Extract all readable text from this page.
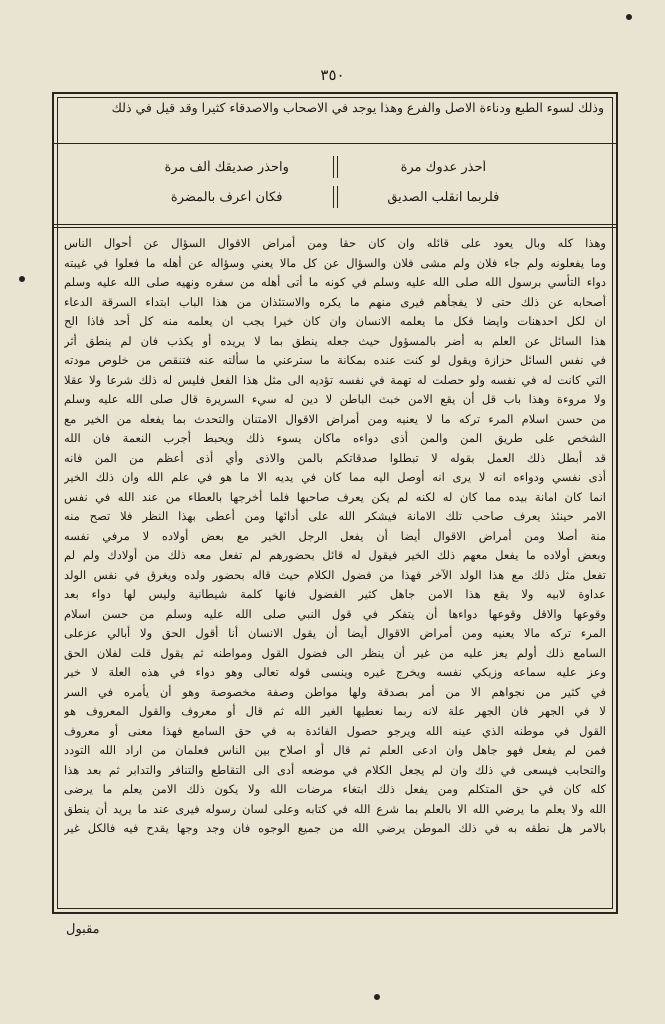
٣٥٠
وذلك لسوء الطبع ودناءة الاصل والفرع وهذا يوجد في الاصحاب والاصدقاء كثيرا وقد قيل في ذلك
أحذر عدوك مرة
واحذر صديقك ألف مرة
فلربما انقلب الصديق
فكان أعرف بالمضرة
وهذا كله وبال يعود على قائله وان كان حقا ومن أمراض الاقوال السؤال عن أحوال الناس
وما يفعلونه ولم جاء فلان ولم مشى فلان والسؤال عن كل مالا يعني وسؤاله عن أهله ما فعلوا في غيبته
دواء التأسي برسول الله صلى الله عليه وسلم في كونه ما أتى أهله من سفره ونهيه صلى الله عليه وسلم
أصحابه عن ذلك حتى لا يفجأهم فيرى منهم ما يكره والاستئذان من هذا الباب ابتداء السرقة الدعاء
ان لكل احدهنات وايضا فكل ما يعلمه الانسان وان كان خيرا يجب ان يعلمه منه كل أحد فاذا الح
هذا السائل عن العلم به أضر بالمسؤول حيث جعله ينطق بما لا يريده أو يكذب فان لم ينطق أثر
في نفس السائل حزازة ويقول لو كنت عنده بمكانة ما سترعني ما سألته عنه فتنقص من خلوص مودته
التي كانت له في نفسه ولو حصلت له تهمة في نفسه تؤديه الى مثل هذا الفعل فليس له ذلك شرعا ولا عقلا
ولا مروءة وهذا باب قل أن يقع الامن خبث الباطن لا دين له سيء السريرة قال صلى الله عليه وسلم
من حسن اسلام المرء تركه ما لا يعنيه ومن أمراض الاقوال الامتنان والتحدث بما يفعله من الخير مع
الشخص على طريق المن والمن أذى دواءه ماكان يسوء ذلك ويحبط أجرب النعمة فان الله
قد أبطل ذلك العمل بقوله لا تبطلوا صدقاتكم بالمن والاذى وأي أذى أعظم من المن فانه
أذى نفسي ودواءه انه لا يرى انه أوصل اليه مما كان في يديه الا ما هو في علم الله وان ذلك الخير
انما كان امانة بيده مما كان له لكنه لم يكن يعرف صاحبها فلما أخرجها بالعطاء من عند الله في نفس
الامر حينئذ يعرف صاحب تلك الامانة فيشكر الله على أدائها ومن أعطى بهذا النظر فلا تصح منه
منة أصلا ومن أمراض الاقوال أيضا أن يفعل الرجل الخير مع بعض أولاده لا مرفي نفسه
وبعض أولاده ما يفعل معهم ذلك الخير فيقول له قائل بحضورهم لم تفعل معه ذلك من أولادك ولم لم
تفعل مثل ذلك مع هذا الولد الآخر فهذا من فضول الكلام حيث قاله بحضور ولده ويغرق في نفس الولد
عداوة لابيه ولا يقع هذا الامن جاهل كثير الفضول فانها كلمة شيطانية وليس لها دواء بعد
وقوعها والاقل وقوعها دواءها أن يتفكر في قول النبي صلى الله عليه وسلم من حسن اسلام
المرء تركه مالا يعنيه ومن أمراض الاقوال أيضا أن يقول الانسان أنا أقول الحق ولا أبالي عزعلى
السامع ذلك أولم يعز عليه من غير أن ينظر الى فضول القول ومواطنه ثم يقول قلت لفلان الحق
وعز عليه سماعه وزيكي نفسه ويخرج غيره وينسى قوله تعالى وهو دواء في هذه العلة لا خير
في كثير من نجواهم الا من أمر بصدقة ولها مواطن وصفة مخصوصة وهو أن يأمره في السر
لا في الجهر فان الجهر علة لانه ربما نعطيها الغير الله ثم قال أو معروف والقول المعروف هو
القول في موطنه الذي عينه الله ويرجو حصول الفائدة به في حق السامع فهذا معنى أو معروف
فمن لم يفعل فهو جاهل وان ادعى العلم ثم قال أو اصلاح بين الناس فعلمان من اراد الله التودد
والتحابب فيسعى في ذلك وان لم يجعل الكلام في موضعه أدى الى التقاطع والتنافر والتدابر ثم بعد هذا
كله كان في حق المتكلم ومن يفعل ذلك ابتغاء مرضات الله ولا يكون ذلك الامن يعلم ما يرضى
الله ولا يعلم ما يرضي الله الا بالعلم بما شرع الله في كتابه وعلى لسان رسوله فيرى عند ما يريد أن ينطق
بالامر هل نطقه به في ذلك الموطن يرضي الله من جميع الوجوه فان وجد وجها يقدح فيه فالكل غير
مقبول
